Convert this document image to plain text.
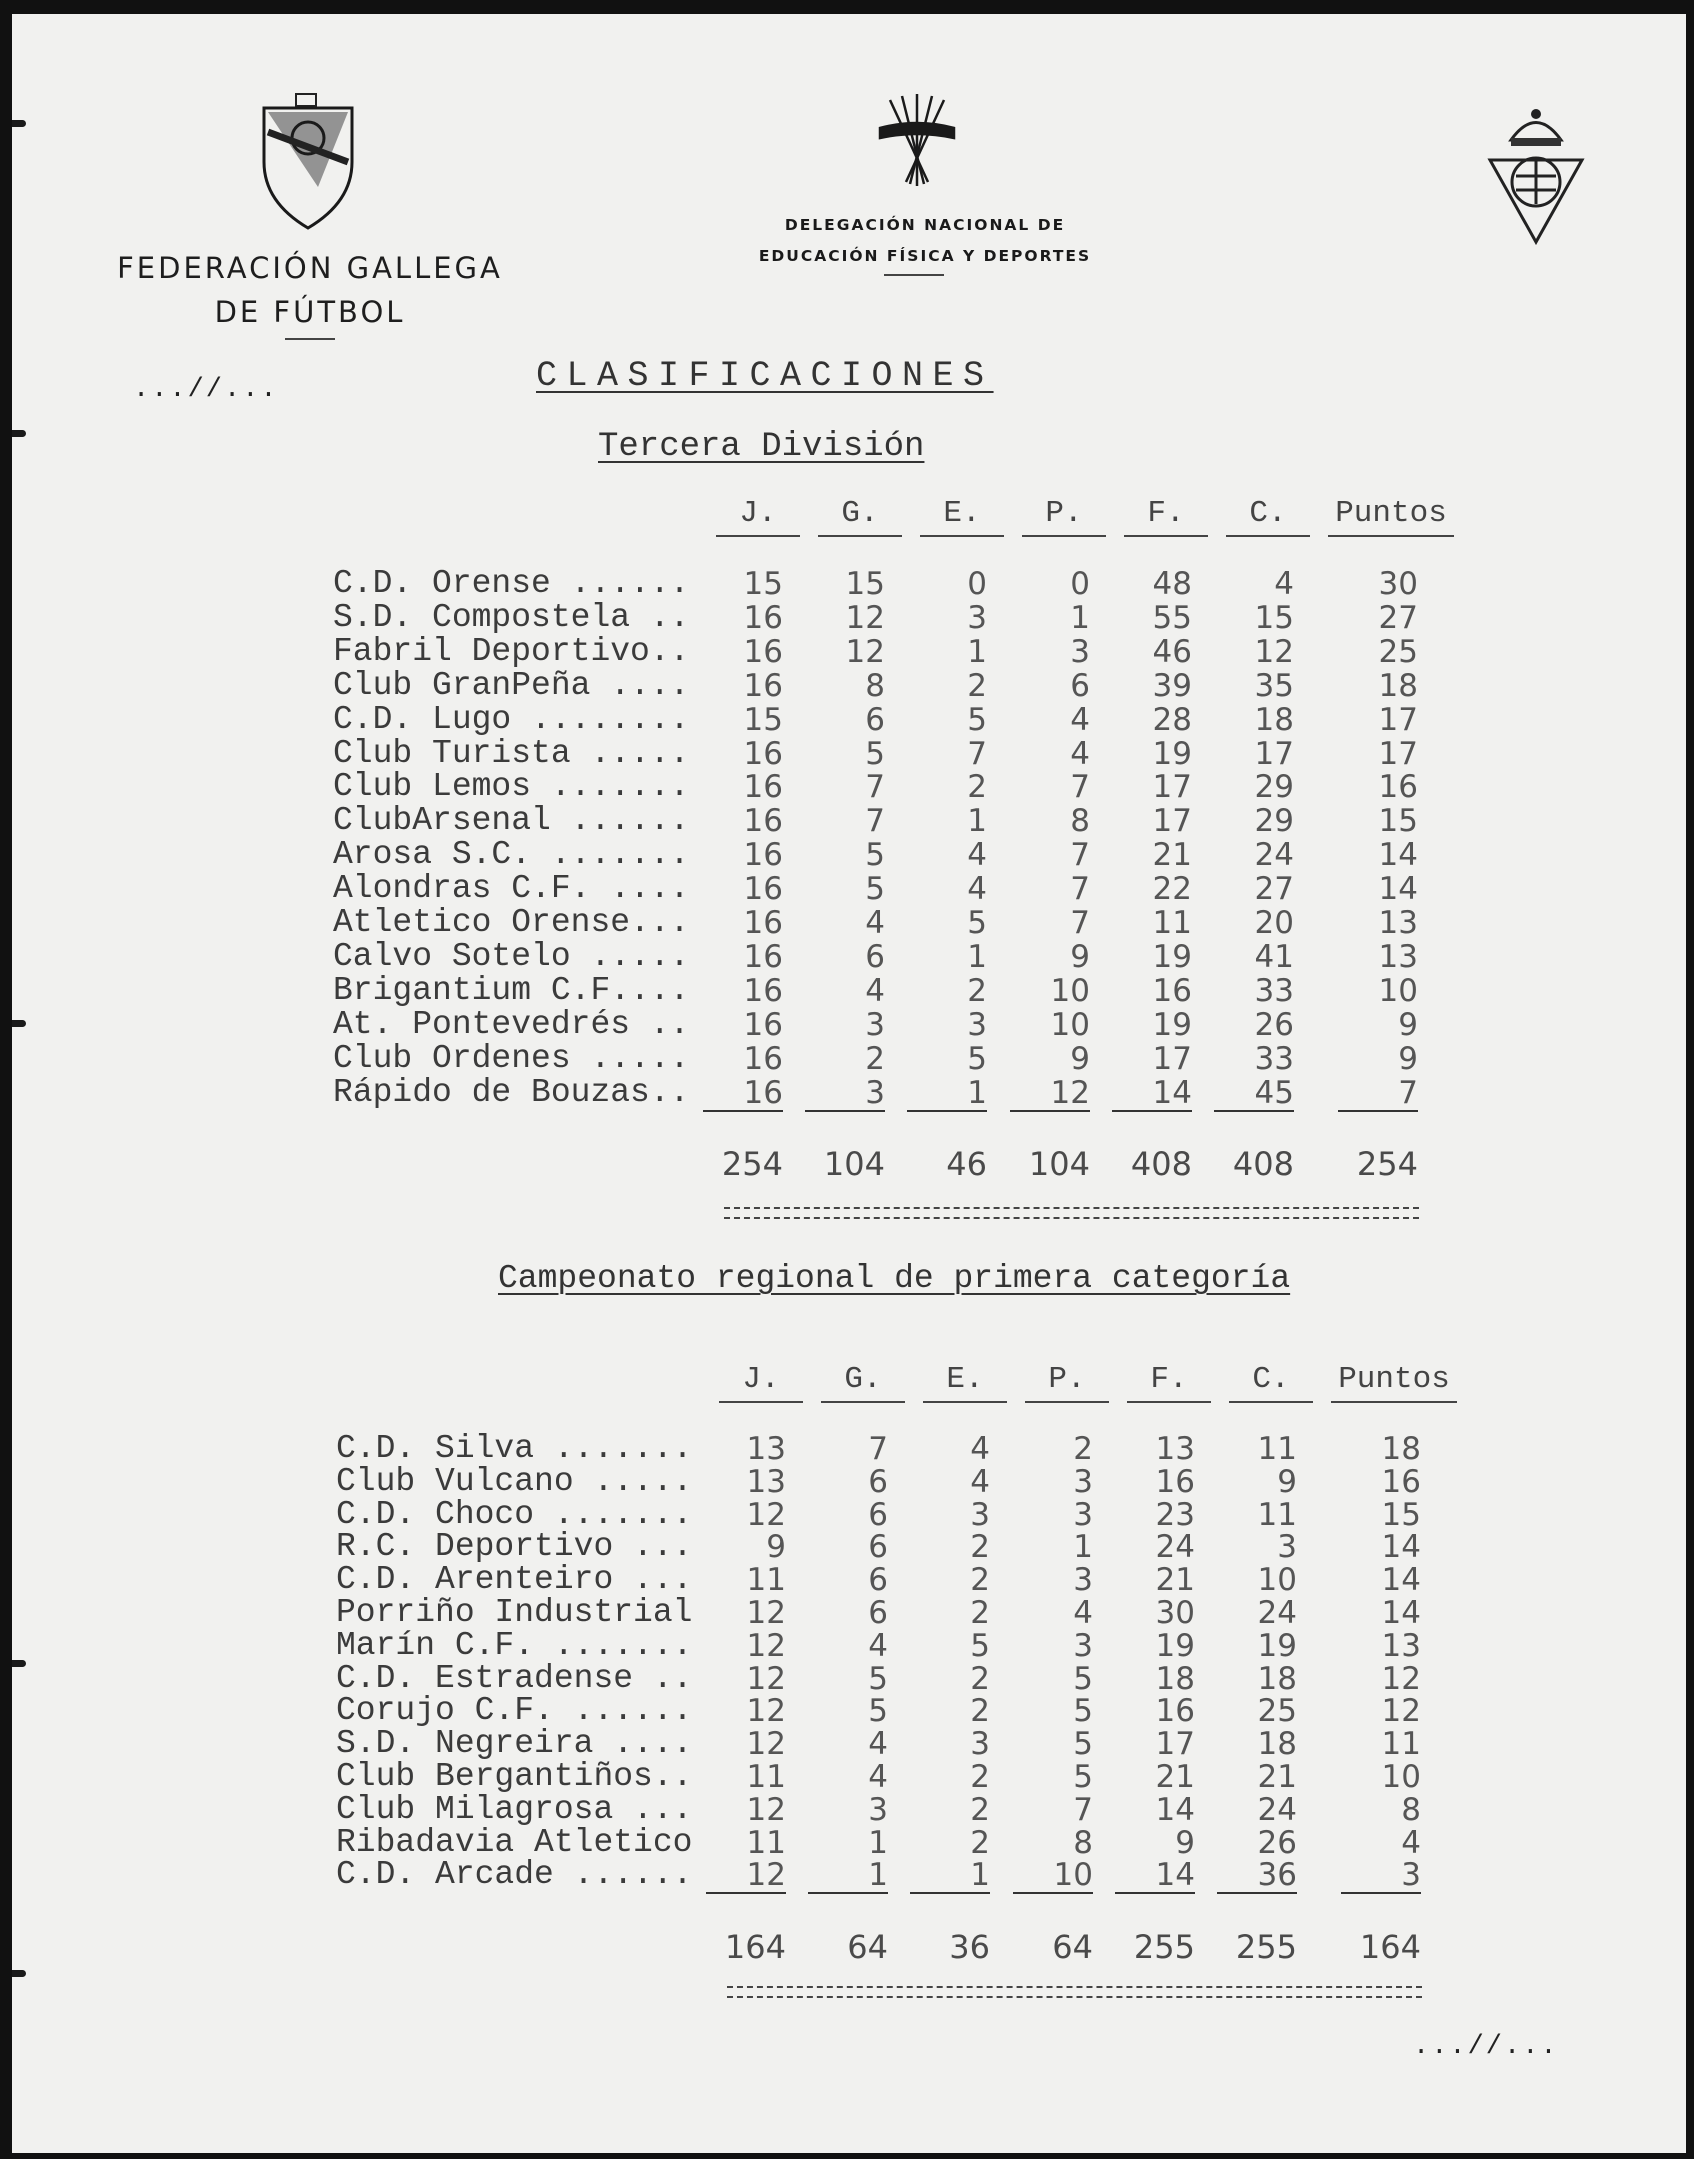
FEDERACIÓN GALLEGA
DE FÚTBOL
DELEGACIÓN NACIONAL DE
EDUCACIÓN FÍSICA Y DEPORTES
...//...	CLASIFICACIONES
Tercera División
J.	G.	E.	P.	F.	C.	Puntos
C.D. Orense ......	15	15	0	0	48	4	30
S.D. Compostela ..	16	12	3	1	55	15	27
Fabril Deportivo..	16	12	1	3	46	12	25
Club GranPeña ....	16	8	2	6	39	35	18
C.D. Lugo ........	15	6	5	4	28	18	17
Club Turista .....	16	5	7	4	19	17	17
Club Lemos .......	16	7	2	7	17	29	16
ClubArsenal ......	16	7	1	8	17	29	15
Arosa S.C. .......	16	5	4	7	21	24	14
Alondras C.F. ....	16	5	4	7	22	27	14
Atletico Orense...	16	4	5	7	11	20	13
Calvo Sotelo .....	16	6	1	9	19	41	13
Brigantium C.F....	16	4	2	10	16	33	10
At. Pontevedrés ..	16	3	3	10	19	26	9
Club Ordenes .....	16	2	5	9	17	33	9
Rápido de Bouzas..	16	3	1	12	14	45	7
254	104	46	104	408	408	254
Campeonato regional de primera categoría
J.	G.	E.	P.	F.	C.	Puntos
C.D. Silva .......	13	7	4	2	13	11	18
Club Vulcano .....	13	6	4	3	16	9	16
C.D. Choco .......	12	6	3	3	23	11	15
R.C. Deportivo ...	9	6	2	1	24	3	14
C.D. Arenteiro ...	11	6	2	3	21	10	14
Porriño Industrial	12	6	2	4	30	24	14
Marín C.F. .......	12	4	5	3	19	19	13
C.D. Estradense ..	12	5	2	5	18	18	12
Corujo C.F. ......	12	5	2	5	16	25	12
S.D. Negreira ....	12	4	3	5	17	18	11
Club Bergantiños..	11	4	2	5	21	21	10
Club Milagrosa ...	12	3	2	7	14	24	8
Ribadavia Atletico	11	1	2	8	9	26	4
C.D. Arcade ......	12	1	1	10	14	36	3
164	64	36	64	255	255	164
...//...
